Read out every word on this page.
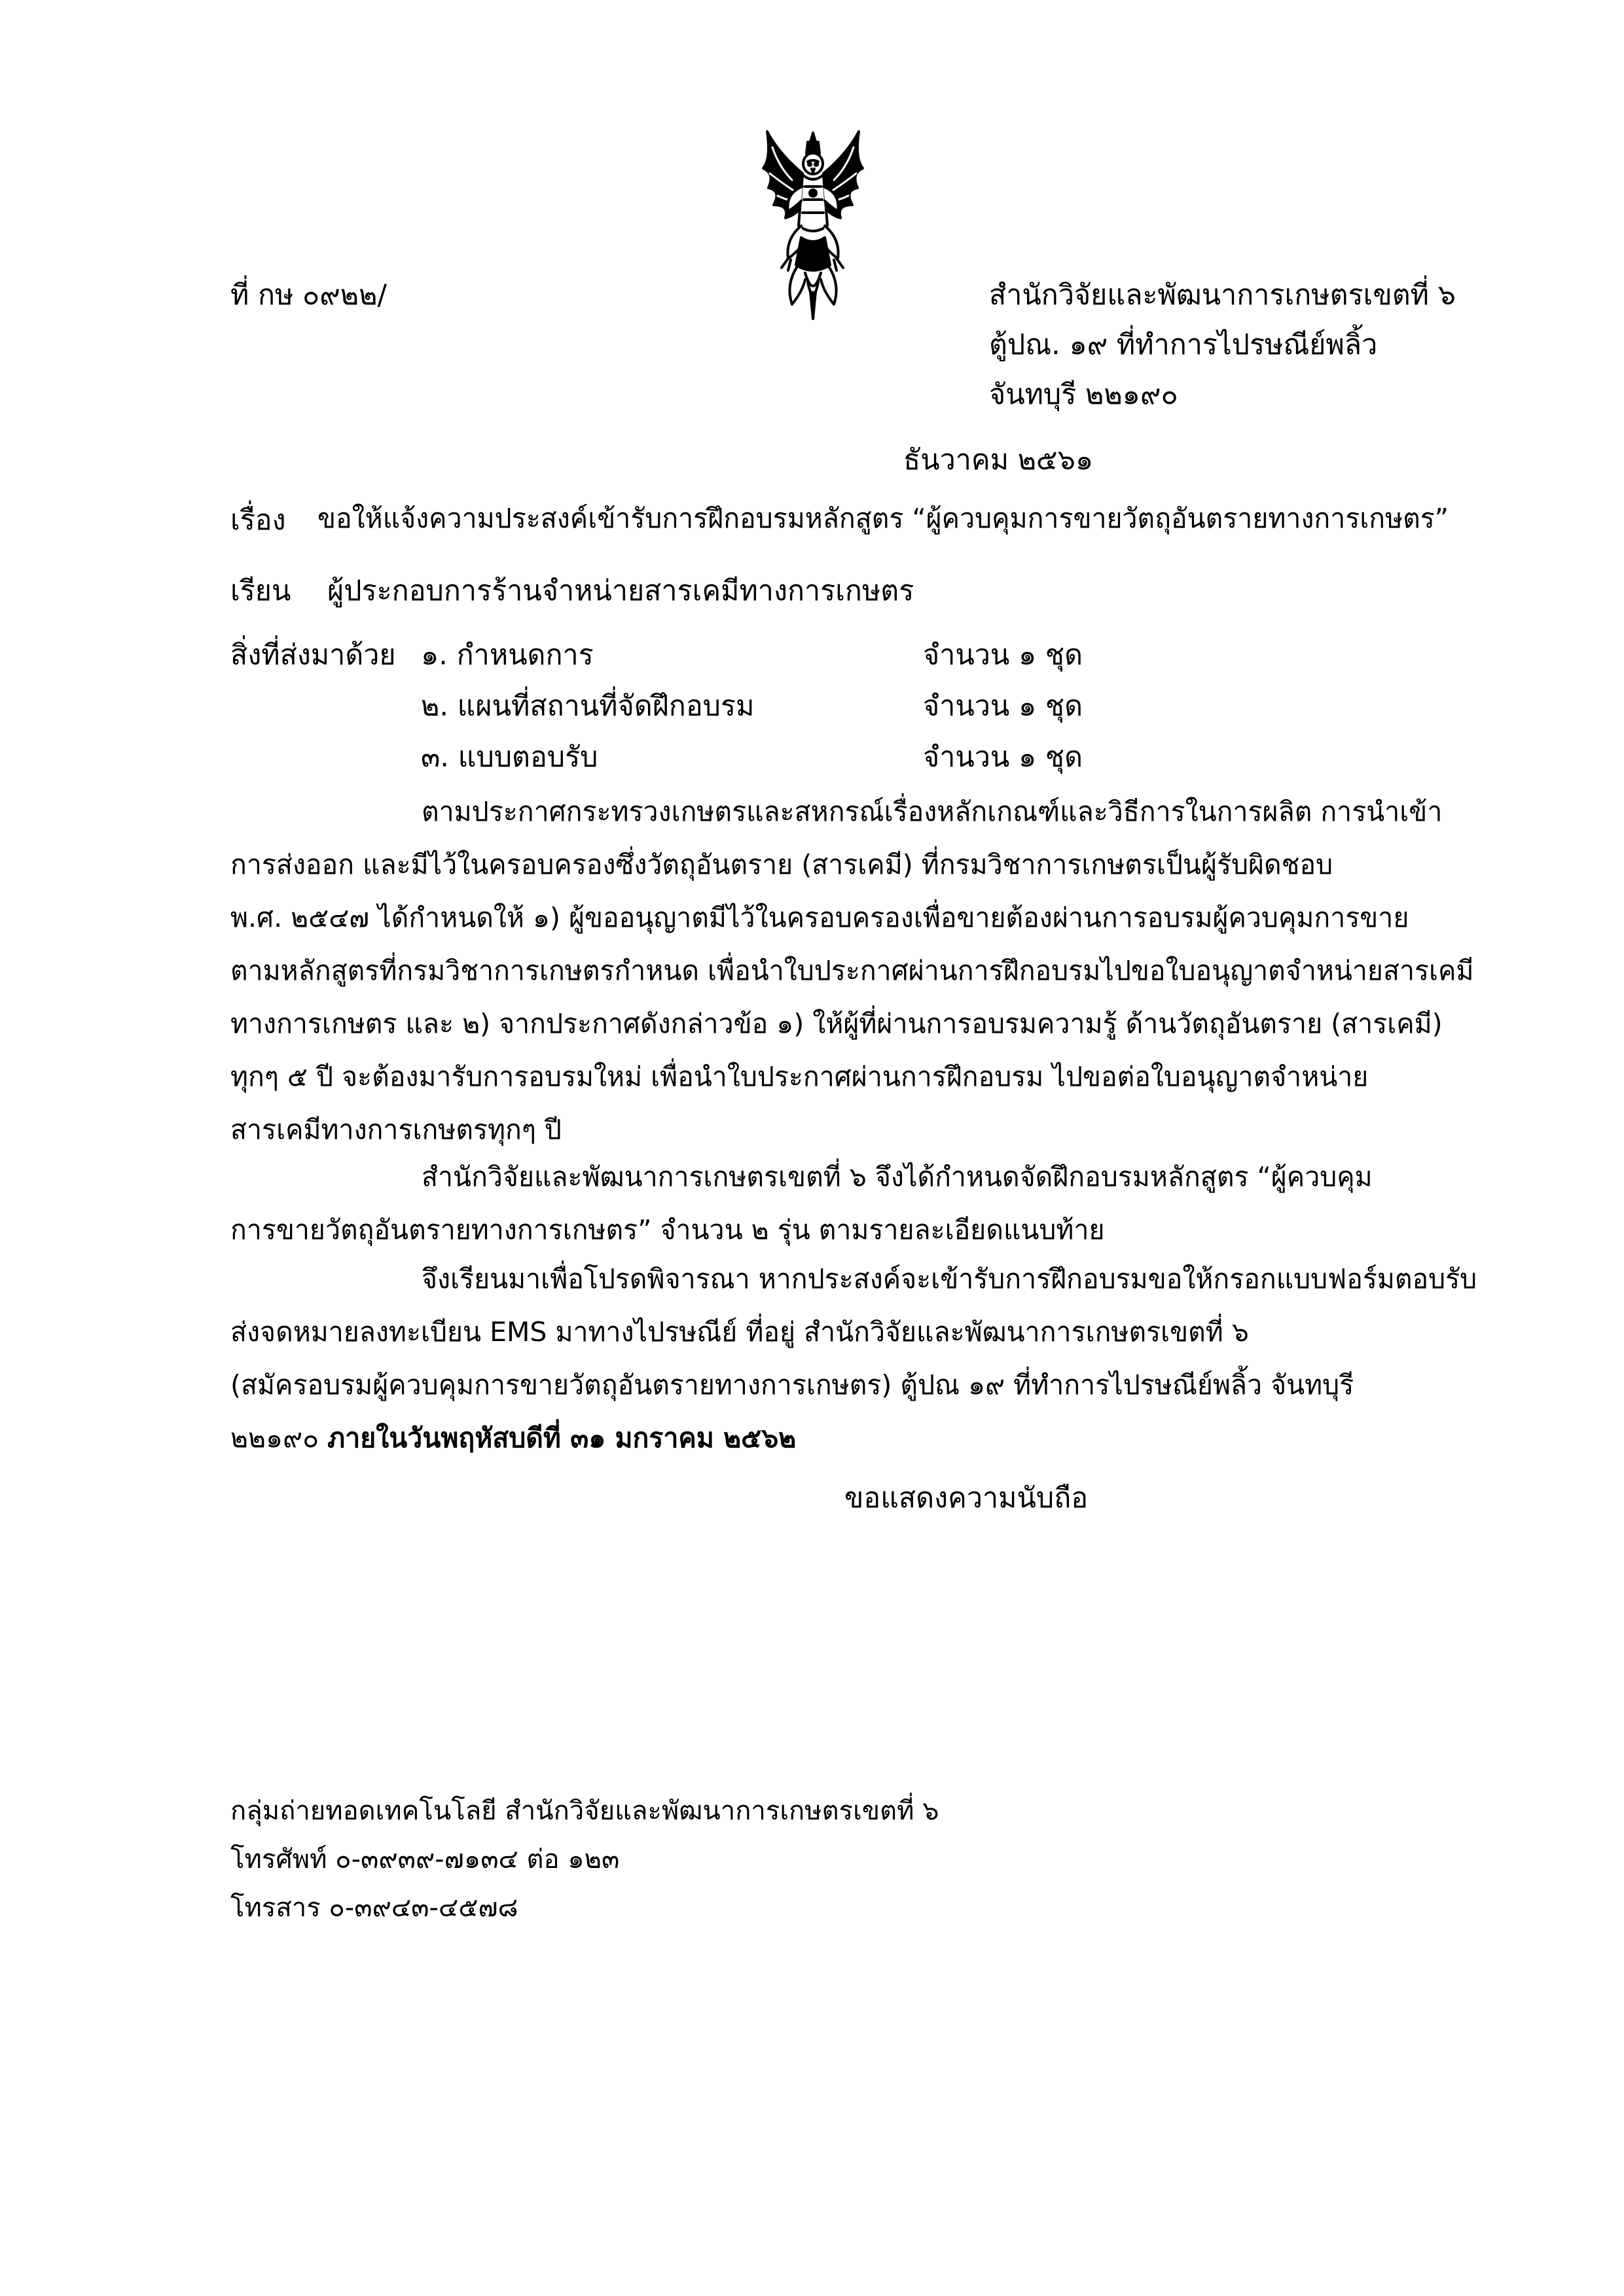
ที่ กษ ๐๙๒๒/	สำนักวิจัยและพัฒนาการเกษตรเขตที่ ๖
ตู้ปณ. ๑๙ ที่ทำการไปรษณีย์พลิ้ว
จันทบุรี ๒๒๑๙๐
ธันวาคม ๒๕๖๑
เรื่อง ขอให้แจ้งความประสงค์เข้ารับการฝึกอบรมหลักสูตร “ผู้ควบคุมการขายวัตถุอันตรายทางการเกษตร”
เรียน ผู้ประกอบการร้านจำหน่ายสารเคมีทางการเกษตร
สิ่งที่ส่งมาด้วย ๑. กำหนดการ	จำนวน ๑ ชุด
๒. แผนที่สถานที่จัดฝึกอบรม	จำนวน ๑ ชุด
๓. แบบตอบรับ	จำนวน ๑ ชุด
ตามประกาศกระทรวงเกษตรและสหกรณ์เรื่องหลักเกณฑ์และวิธีการในการผลิต การนำเข้า
การส่งออก และมีไว้ในครอบครองซึ่งวัตถุอันตราย (สารเคมี) ที่กรมวิชาการเกษตรเป็นผู้รับผิดชอบ
พ.ศ. ๒๕๔๗ ได้กำหนดให้ ๑) ผู้ขออนุญาตมีไว้ในครอบครองเพื่อขายต้องผ่านการอบรมผู้ควบคุมการขาย
ตามหลักสูตรที่กรมวิชาการเกษตรกำหนด เพื่อนำใบประกาศผ่านการฝึกอบรมไปขอใบอนุญาตจำหน่ายสารเคมี
ทางการเกษตร และ ๒) จากประกาศดังกล่าวข้อ ๑) ให้ผู้ที่ผ่านการอบรมความรู้ ด้านวัตถุอันตราย (สารเคมี)
ทุกๆ ๕ ปี จะต้องมารับการอบรมใหม่ เพื่อนำใบประกาศผ่านการฝึกอบรม ไปขอต่อใบอนุญาตจำหน่าย
สารเคมีทางการเกษตรทุกๆ ปี
สำนักวิจัยและพัฒนาการเกษตรเขตที่ ๖ จึงได้กำหนดจัดฝึกอบรมหลักสูตร “ผู้ควบคุม
การขายวัตถุอันตรายทางการเกษตร” จำนวน ๒ รุ่น ตามรายละเอียดแนบท้าย
จึงเรียนมาเพื่อโปรดพิจารณา หากประสงค์จะเข้ารับการฝึกอบรมขอให้กรอกแบบฟอร์มตอบรับ
ส่งจดหมายลงทะเบียน EMS มาทางไปรษณีย์ ที่อยู่ สำนักวิจัยและพัฒนาการเกษตรเขตที่ ๖
(สมัครอบรมผู้ควบคุมการขายวัตถุอันตรายทางการเกษตร) ตู้ปณ ๑๙ ที่ทำการไปรษณีย์พลิ้ว จันทบุรี
๒๒๑๙๐ ภายในวันพฤหัสบดีที่ ๓๑ มกราคม ๒๕๖๒
ขอแสดงความนับถือ
กลุ่มถ่ายทอดเทคโนโลยี สำนักวิจัยและพัฒนาการเกษตรเขตที่ ๖
โทรศัพท์ ๐-๓๙๓๙-๗๑๓๔ ต่อ ๑๒๓
โทรสาร ๐-๓๙๔๓-๔๕๗๘
